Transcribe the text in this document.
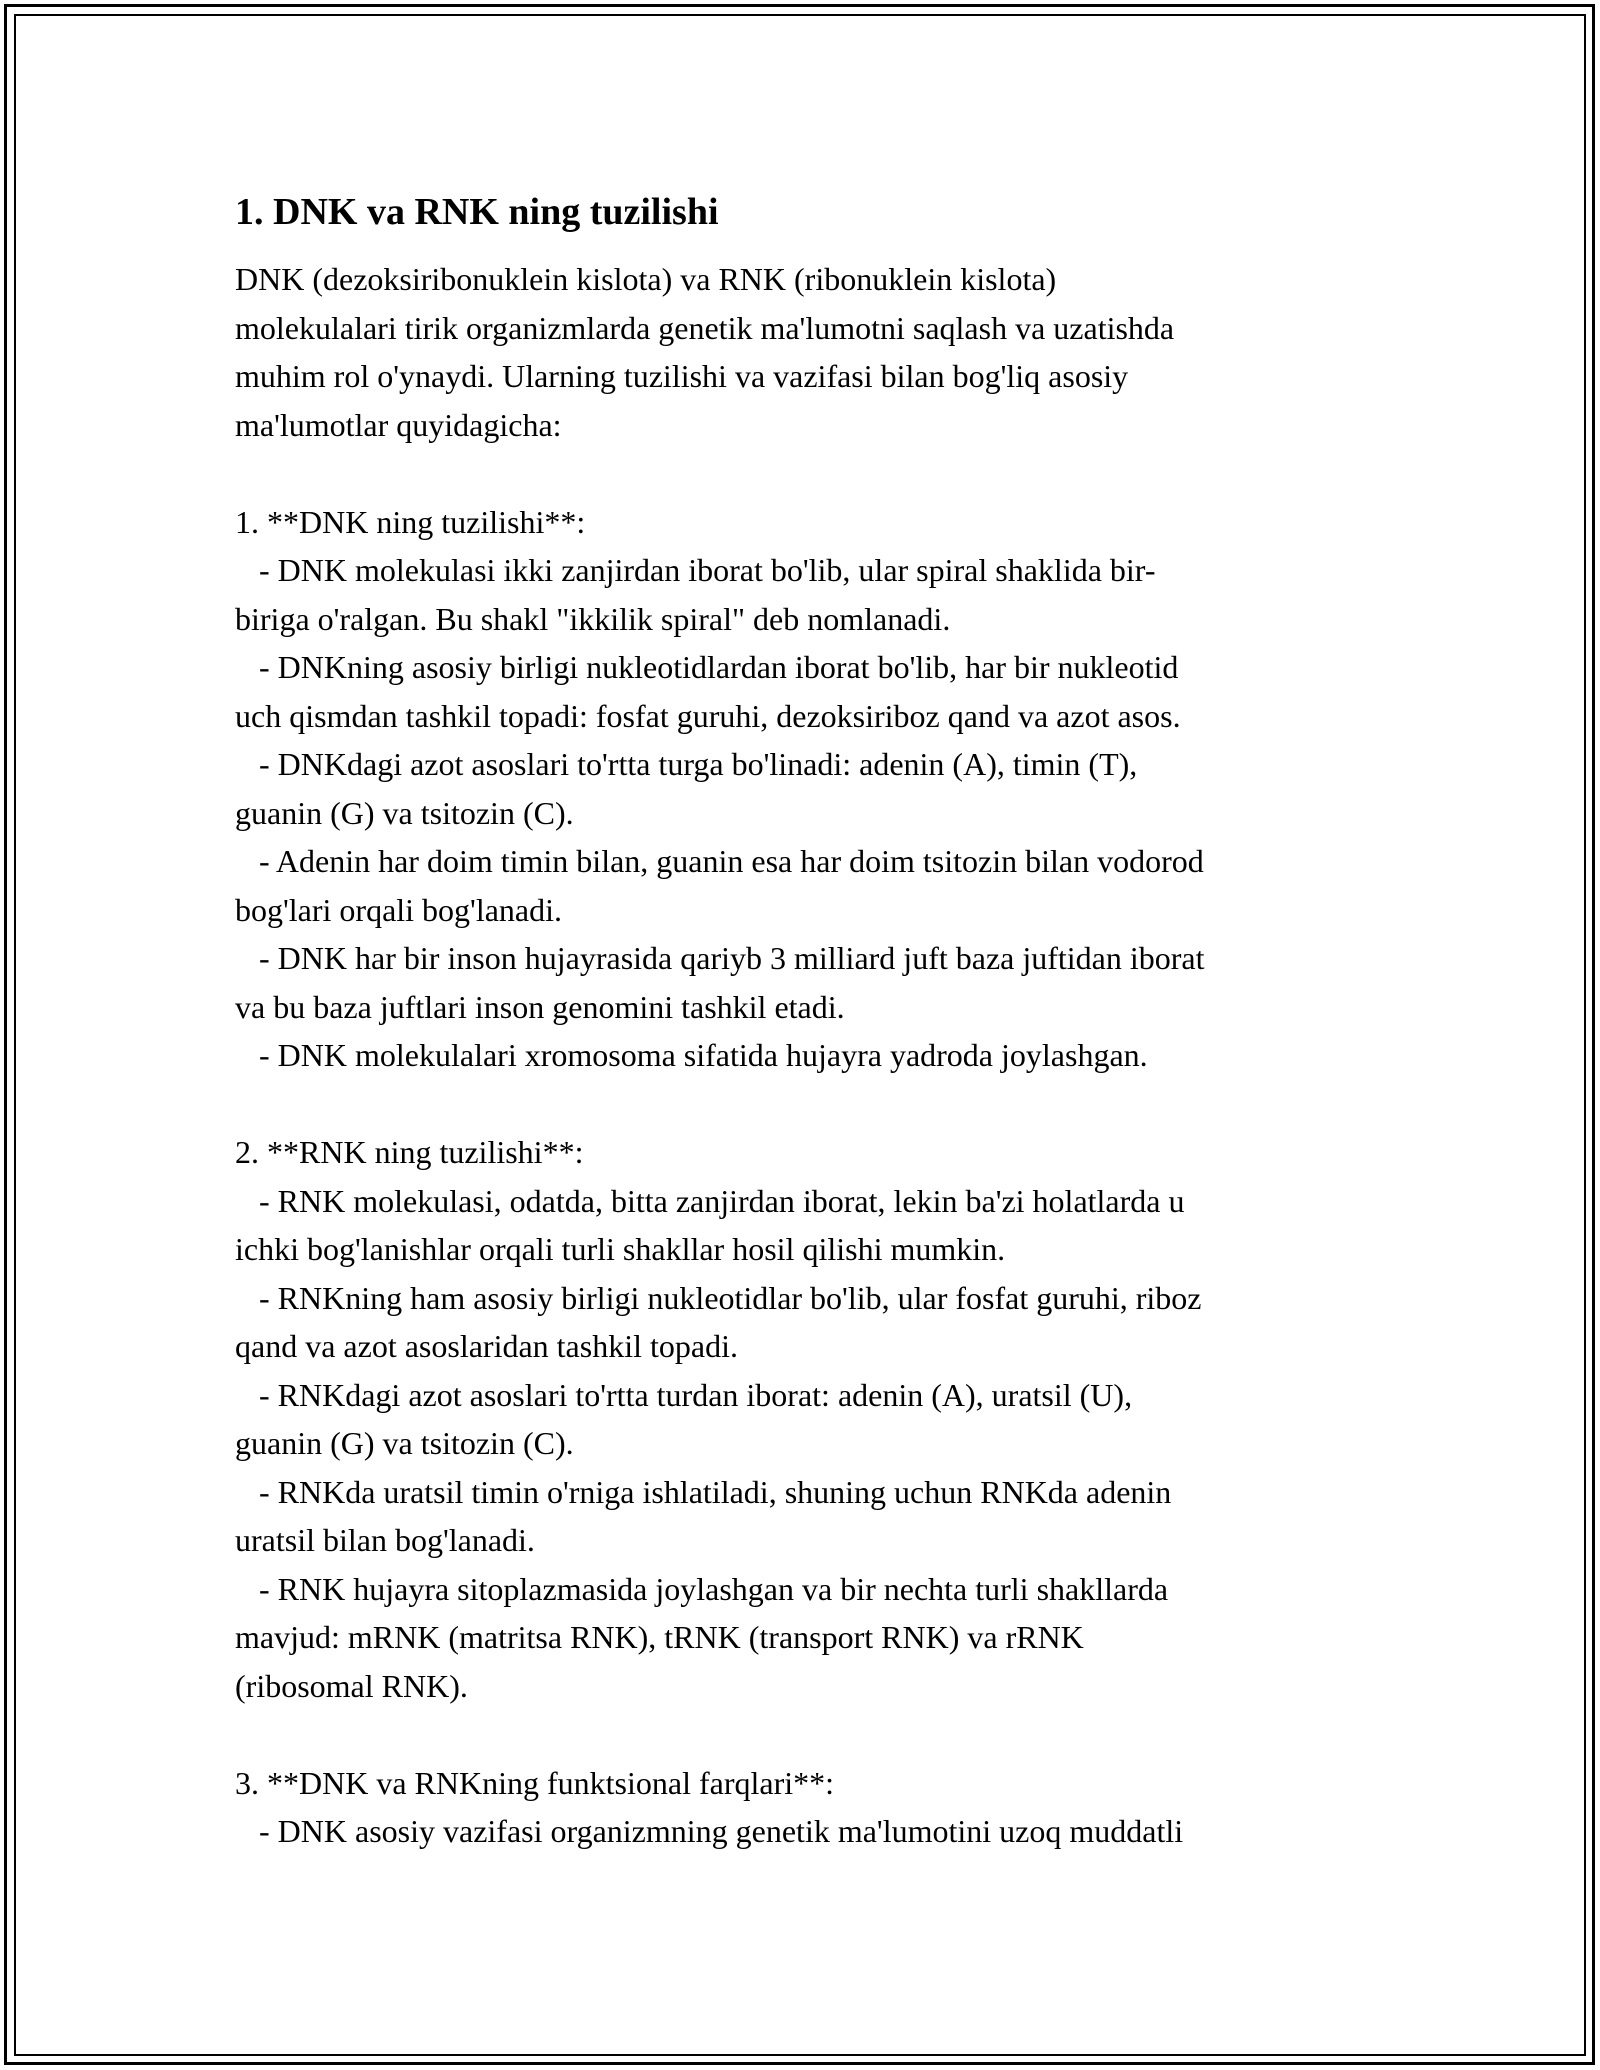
1. DNK va RNK ning tuzilishi
DNK (dezoksiribonuklein kislota) va RNK (ribonuklein kislota)
molekulalari tirik organizmlarda genetik ma'lumotni saqlash va uzatishda
muhim rol o'ynaydi. Ularning tuzilishi va vazifasi bilan bog'liq asosiy
ma'lumotlar quyidagicha:
1. **DNK ning tuzilishi**:
- DNK molekulasi ikki zanjirdan iborat bo'lib, ular spiral shaklida bir-
biriga o'ralgan. Bu shakl "ikkilik spiral" deb nomlanadi.
- DNKning asosiy birligi nukleotidlardan iborat bo'lib, har bir nukleotid
uch qismdan tashkil topadi: fosfat guruhi, dezoksiriboz qand va azot asos.
- DNKdagi azot asoslari to'rtta turga bo'linadi: adenin (A), timin (T),
guanin (G) va tsitozin (C).
- Adenin har doim timin bilan, guanin esa har doim tsitozin bilan vodorod
bog'lari orqali bog'lanadi.
- DNK har bir inson hujayrasida qariyb 3 milliard juft baza juftidan iborat
va bu baza juftlari inson genomini tashkil etadi.
- DNK molekulalari xromosoma sifatida hujayra yadroda joylashgan.
2. **RNK ning tuzilishi**:
- RNK molekulasi, odatda, bitta zanjirdan iborat, lekin ba'zi holatlarda u
ichki bog'lanishlar orqali turli shakllar hosil qilishi mumkin.
- RNKning ham asosiy birligi nukleotidlar bo'lib, ular fosfat guruhi, riboz
qand va azot asoslaridan tashkil topadi.
- RNKdagi azot asoslari to'rtta turdan iborat: adenin (A), uratsil (U),
guanin (G) va tsitozin (C).
- RNKda uratsil timin o'rniga ishlatiladi, shuning uchun RNKda adenin
uratsil bilan bog'lanadi.
- RNK hujayra sitoplazmasida joylashgan va bir nechta turli shakllarda
mavjud: mRNK (matritsa RNK), tRNK (transport RNK) va rRNK
(ribosomal RNK).
3. **DNK va RNKning funktsional farqlari**:
- DNK asosiy vazifasi organizmning genetik ma'lumotini uzoq muddatli
